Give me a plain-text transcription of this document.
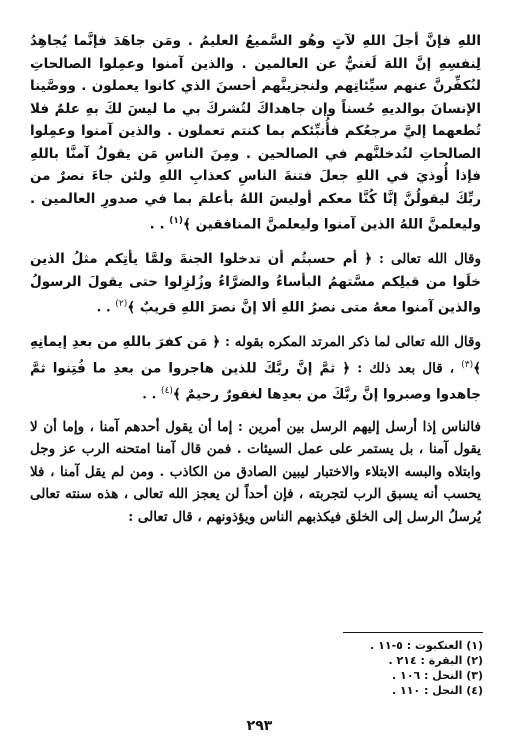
اللهِ فإنَّ أجلَ اللهِ لآتٍ وهُو السَّميعُ العليمُ . ومَن جاهَدَ فإنَّما يُجاهِدُ لِنفسِهِ إنَّ اللهَ لَغنيٌّ عن العالمين . والذين آمنوا وعمِلوا الصالحاتِ لنُكفِّرنَّ عنهم سيِّئاتِهم ولنجزينَّهم أحسنَ الذي كانوا يعملون . ووصَّينا الإنسانَ بوالديهِ حُسناً وإن جاهداكَ لتُشركَ بي ما ليسَ لكَ بهِ علمٌ فلا تُطعهما إليَّ مرجعُكم فأُنبِّئكم بما كنتم تعملون . والذين آمنوا وعمِلوا الصالحاتِ لنُدخلنَّهم في الصالحين . ومِنَ الناسِ مَن يقولُ آمنَّا باللهِ فإذا أُوذيَ في اللهِ جعلَ فتنةَ الناسِ كعذابِ اللهِ ولئن جاءَ نصرٌ من ربِّكَ ليقولُنَّ إنَّا كُنَّا معكم أوليسَ اللهُ بأعلمَ بما في صدورِ العالمين . وليعلمنَّ اللهُ الذين آمنوا وليعلمنَّ المنافقين ﴾$^{(١)}$ . .

وقال الله تعالى : ﴿ أم حسبتُم أن تدخلوا الجنةَ ولمَّا يأتِكم مثلُ الذين خلَوا من قبلِكم مسَّتهمُ البأساءُ والضرَّاءُ وزُلزِلوا حتى يقولَ الرسولُ والذين آمنوا معهُ متى نصرُ اللهِ ألا إنَّ نصرَ اللهِ قريبٌ ﴾$^{(٢)}$ . .

وقال الله تعالى لما ذكر المرتد المكره بقوله : ﴿ مَن كفرَ باللهِ من بعدِ إيمانِهِ ﴾$^{(٣)}$ ، قال بعد ذلك : ﴿ ثمَّ إنَّ ربَّكَ للذين هاجروا من بعدِ ما فُتِنوا ثمَّ جاهدوا وصبروا إنَّ ربَّكَ من بعدِها لغفورٌ رحيمٌ ﴾$^{(٤)}$ . .

فالناس إذا أرسل إليهم الرسل بين أمرين : إما أن يقول أحدهم آمنا ، وإما أن لا يقول آمنا ، بل يستمر على عمل السيئات . فمن قال آمنا امتحنه الرب عز وجل وابتلاه والبسه الابتلاء والاختبار ليبين الصادق من الكاذب . ومن لم يقل آمنا ، فلا يحسب أنه يسبق الرب لتجربته ، فإن أحداً لن يعجز الله تعالى ، هذه سنته تعالى يُرسلُ الرسل إلى الخلق فيكذبهم الناس ويؤذونهم ، قال تعالى :

(١) العنكبوت : ٥-١١ .
(٢) البقرة : ٢١٤ .
(٣) النحل : ١٠٦ .
(٤) النحل : ١١٠ .
٢٩٣
